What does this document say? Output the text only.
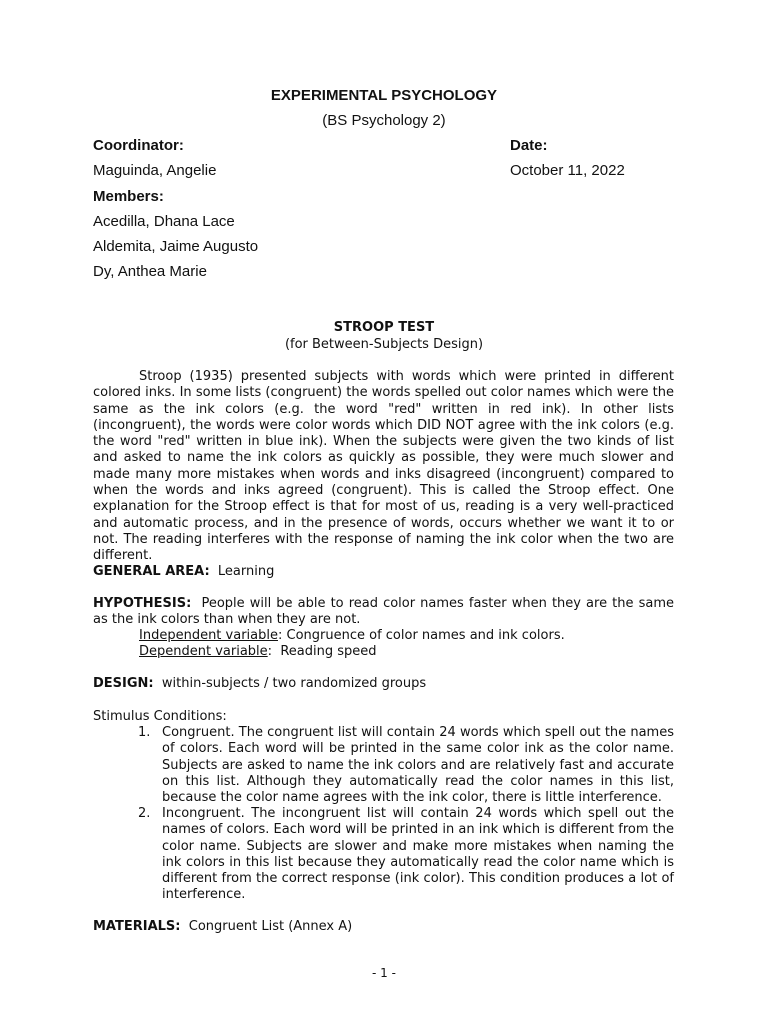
EXPERIMENTAL PSYCHOLOGY
(BS Psychology 2)
Coordinator:	Date:
Maguinda, Angelie	October 11, 2022
Members:
Acedilla, Dhana Lace
Aldemita, Jaime Augusto
Dy, Anthea Marie
STROOP TEST
(for Between-Subjects Design)
Stroop (1935) presented subjects with words which were printed in different colored inks. In some lists (congruent) the words spelled out color names which were the same as the ink colors (e.g. the word "red" written in red ink). In other lists (incongruent), the words were color words which DID NOT agree with the ink colors (e.g. the word "red" written in blue ink). When the subjects were given the two kinds of list and asked to name the ink colors as quickly as possible, they were much slower and made many more mistakes when words and inks disagreed (incongruent) compared to when the words and inks agreed (congruent). This is called the Stroop effect. One explanation for the Stroop effect is that for most of us, reading is a very well-practiced and automatic process, and in the presence of words, occurs whether we want it to or not. The reading interferes with the response of naming the ink color when the two are different.
GENERAL AREA: Learning
HYPOTHESIS: People will be able to read color names faster when they are the same as the ink colors than when they are not.
Independent variable: Congruence of color names and ink colors.
Dependent variable:  Reading speed
DESIGN: within-subjects / two randomized groups
Stimulus Conditions:
1. Congruent. The congruent list will contain 24 words which spell out the names of colors. Each word will be printed in the same color ink as the color name. Subjects are asked to name the ink colors and are relatively fast and accurate on this list. Although they automatically read the color names in this list, because the color name agrees with the ink color, there is little interference.
2. Incongruent. The incongruent list will contain 24 words which spell out the names of colors. Each word will be printed in an ink which is different from the color name. Subjects are slower and make more mistakes when naming the ink colors in this list because they automatically read the color name which is different from the correct response (ink color). This condition produces a lot of interference.
MATERIALS: Congruent List (Annex A)
- 1 -
